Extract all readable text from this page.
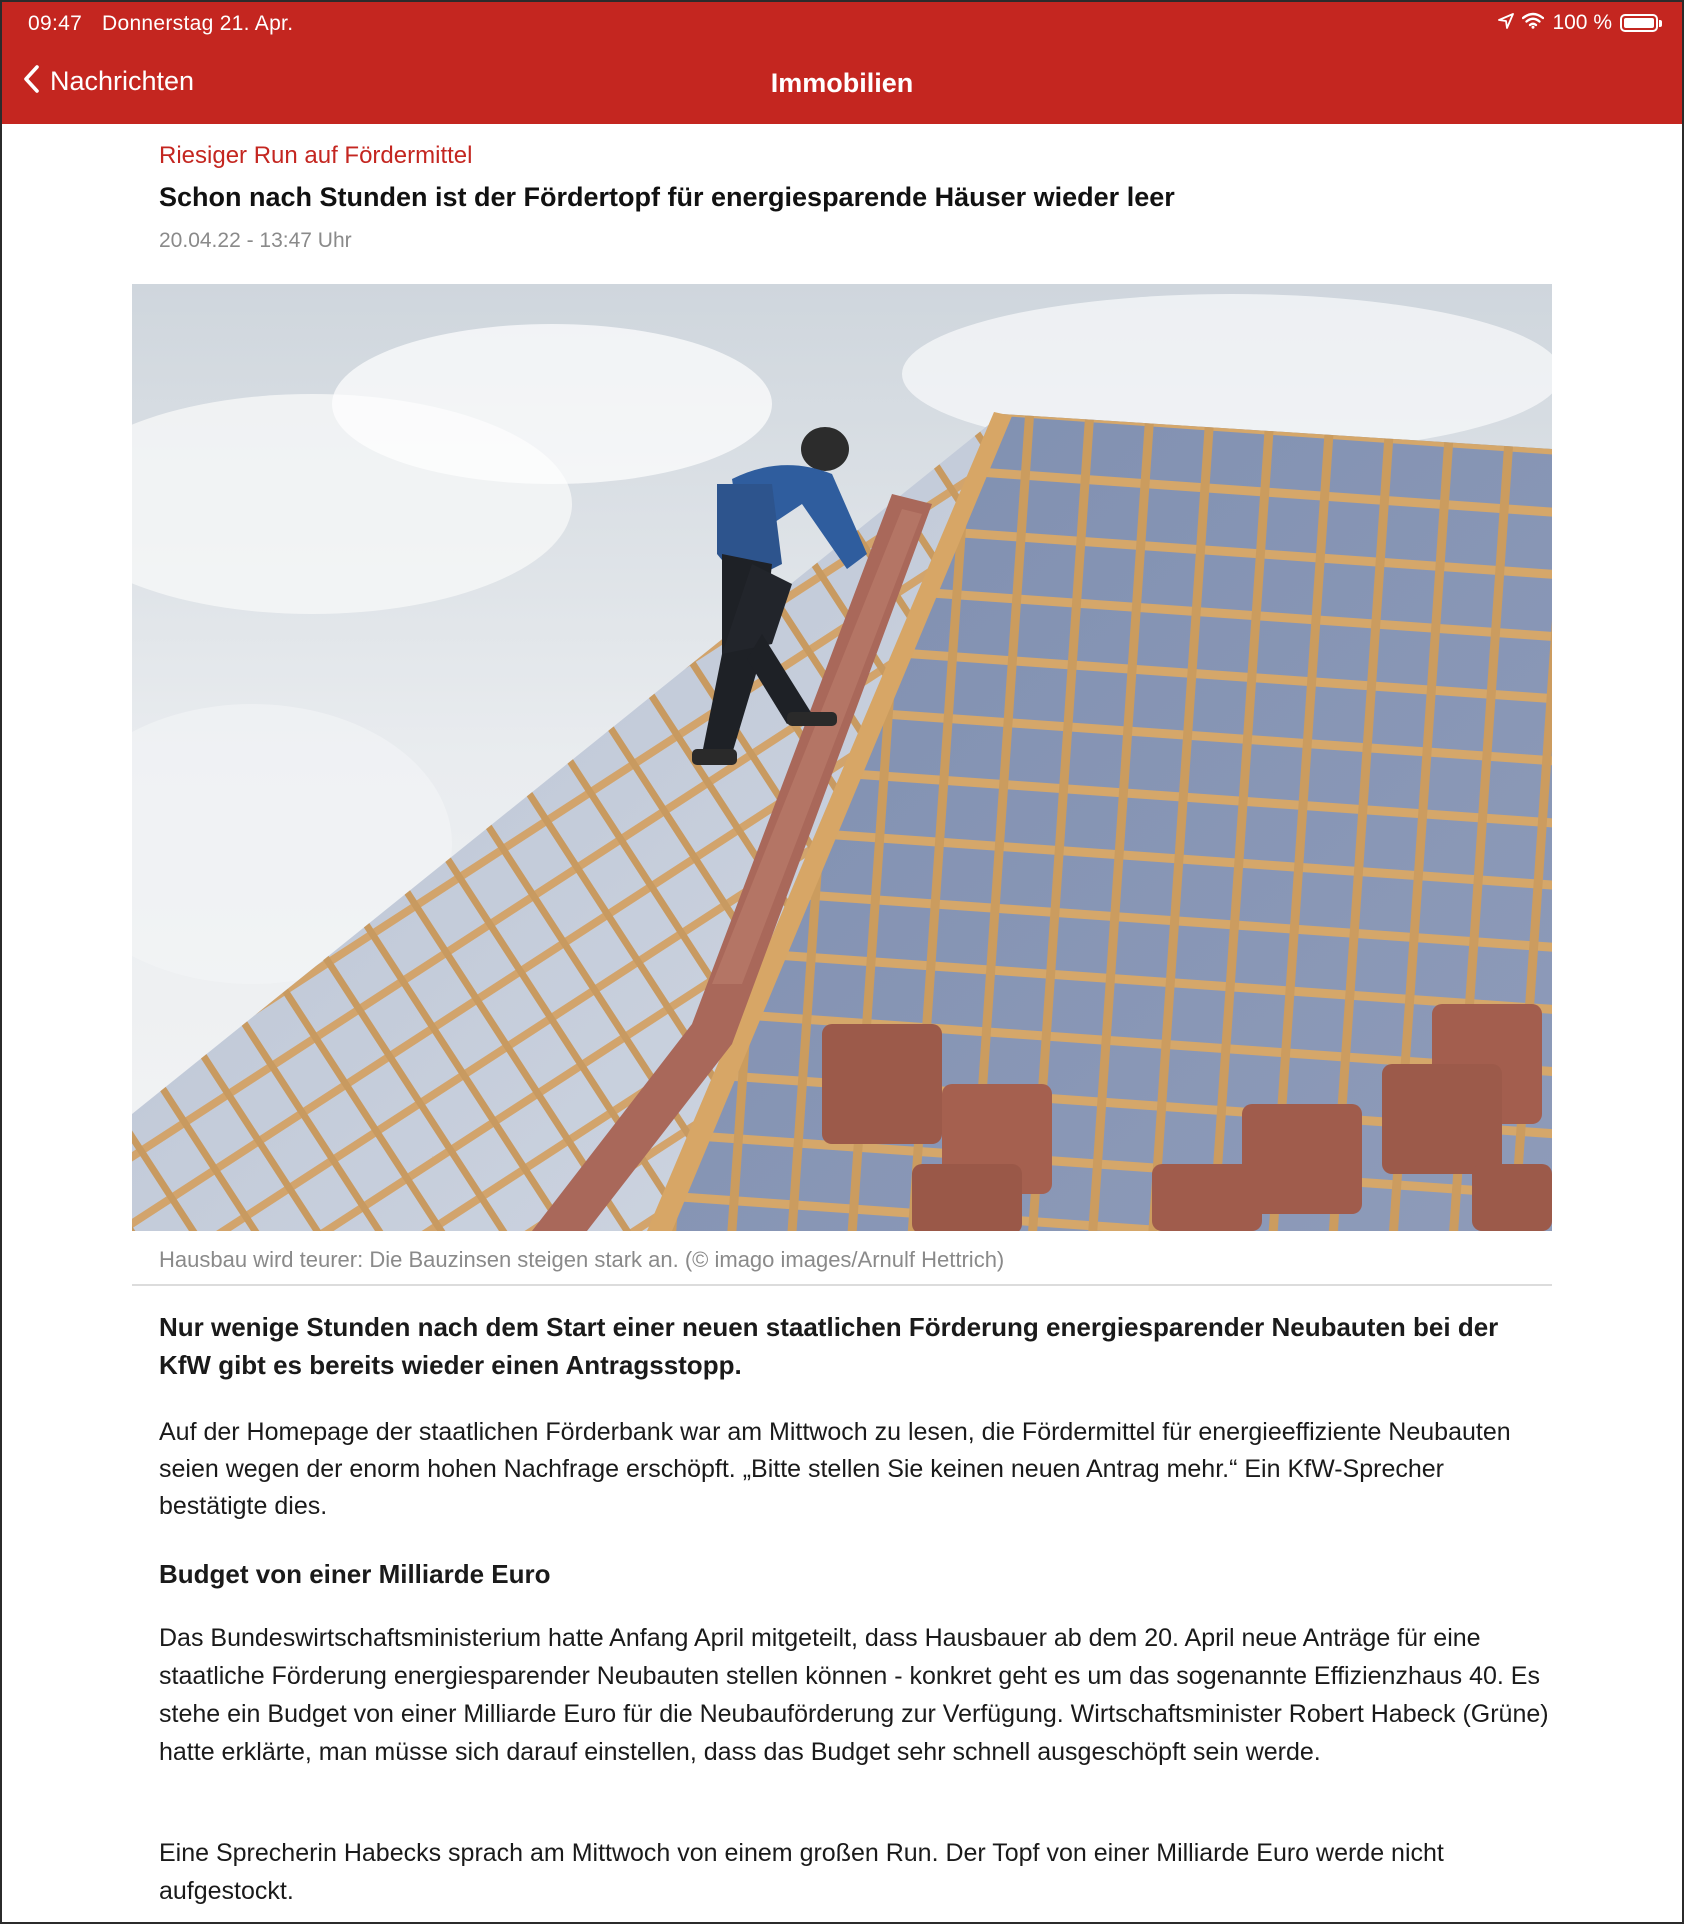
09:47 Donnerstag 21. Apr.	100 %
Nachrichten	Immobilien
Riesiger Run auf Fördermittel
Schon nach Stunden ist der Fördertopf für energiesparende Häuser wieder leer
20.04.22 - 13:47 Uhr
Hausbau wird teurer: Die Bauzinsen steigen stark an. (© imago images/Arnulf Hettrich)
Nur wenige Stunden nach dem Start einer neuen staatlichen Förderung energiesparender Neubauten bei der KfW gibt es bereits wieder einen Antragsstopp.
Auf der Homepage der staatlichen Förderbank war am Mittwoch zu lesen, die Fördermittel für energieeffiziente Neubauten seien wegen der enorm hohen Nachfrage erschöpft. „Bitte stellen Sie keinen neuen Antrag mehr.“ Ein KfW-Sprecher bestätigte dies.
Budget von einer Milliarde Euro
Das Bundeswirtschaftsministerium hatte Anfang April mitgeteilt, dass Hausbauer ab dem 20. April neue Anträge für eine staatliche Förderung energiesparender Neubauten stellen können - konkret geht es um das sogenannte Effizienzhaus 40. Es stehe ein Budget von einer Milliarde Euro für die Neubauförderung zur Verfügung. Wirtschaftsminister Robert Habeck (Grüne) hatte erklärte, man müsse sich darauf einstellen, dass das Budget sehr schnell ausgeschöpft sein werde.
Eine Sprecherin Habecks sprach am Mittwoch von einem großen Run. Der Topf von einer Milliarde Euro werde nicht aufgestockt.
